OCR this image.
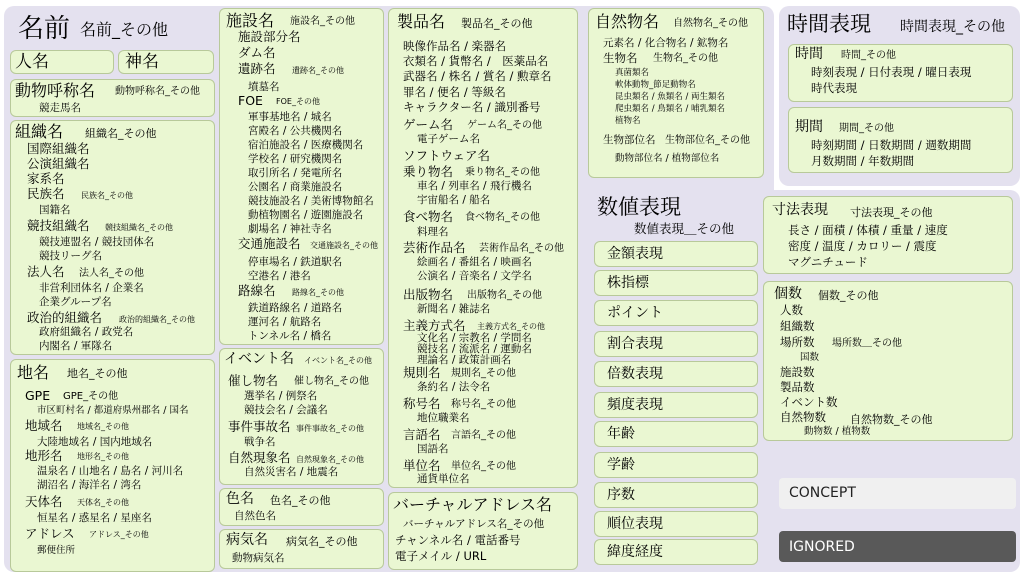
名前 名前_その他
人名	神名
動物呼称名 動物呼称名_その他
競走馬名
組織名 組織名_その他
国際組織名
公演組織名
家系名
民族名 民族名_その他
国籍名
競技組織名 競技組織名_その他
競技連盟名 / 競技団体名
競技リーグ名
法人名 法人名_その他
非営利団体名 / 企業名
企業グループ名
政治的組織名 政治的組織名_その他
政府組織名 / 政党名
内閣名 / 軍隊名
地名 地名_その他
GPE GPE_その他
市区町村名 / 都道府県州郡名 / 国名
地域名 地域名_その他
大陸地域名 / 国内地域名
地形名 地形名_その他
温泉名 / 山地名 / 島名 / 河川名
湖沼名 / 海洋名 / 湾名
天体名 天体名_その他
恒星名 / 惑星名 / 星座名
アドレス アドレス_その他
郵便住所
施設名 施設名_その他
施設部分名
ダム名
遺跡名 遺跡名_その他
墳墓名
FOE FOE_その他
軍事基地名 / 城名
宮殿名 / 公共機関名
宿泊施設名 / 医療機関名
学校名 / 研究機関名
取引所名 / 発電所名
公園名 / 商業施設名
競技施設名 / 美術博物館名
動植物園名 / 遊園施設名
劇場名 / 神社寺名
交通施設名 交通施設名_その他
停車場名 / 鉄道駅名
空港名 / 港名
路線名 路線名_その他
鉄道路線名 / 道路名
運河名 / 航路名
トンネル名 / 橋名
イベント名 イベント名_その他
催し物名 催し物名_その他
選挙名 / 例祭名
競技会名 / 会議名
事件事故名 事件事故名_その他
戦争名
自然現象名 自然現象名_その他
自然災害名 / 地震名
色名 色名_その他
自然色名
病気名 病気名_その他
動物病気名
製品名 製品名_その他
映像作品名 / 楽器名
衣類名 / 貨幣名 /　医薬品名
武器名 / 株名 / 賞名 / 勲章名
罪名 / 便名 / 等級名
キャラクター名 / 識別番号
ゲーム名 ゲーム名_その他
電子ゲーム名
ソフトウェア名
乗り物名 乗り物名_その他
車名 / 列車名 / 飛行機名
宇宙船名 / 船名
食べ物名 食べ物名_その他
料理名
芸術作品名 芸術作品名_その他
絵画名 / 番組名 / 映画名
公演名 / 音楽名 / 文学名
出版物名 出版物名_その他
新聞名 / 雑誌名
主義方式名 主義方式名_その他
文化名 / 宗教名 / 学問名
競技名 / 流派名 / 運動名
理論名 / 政策計画名
規則名 規則名_その他
条約名 / 法令名
称号名 称号名_その他
地位職業名
言語名 言語名_その他
国語名
単位名 単位名_その他
通貨単位名
バーチャルアドレス名
バーチャルアドレス名_その他
チャンネル名 / 電話番号
電子メイル / URL
自然物名 自然物名_その他
元素名 / 化合物名 / 鉱物名
生物名 生物名_その他
真菌類名
軟体動物_節足動物名
昆虫類名 / 魚類名 / 両生類名
爬虫類名 / 鳥類名 / 哺乳類名
植物名
生物部位名 生物部位名_その他
動物部位名 / 植物部位名
時間表現 時間表現_その他
時間 時間_その他
時刻表現 / 日付表現 / 曜日表現
時代表現
期間 期間_その他
時刻期間 / 日数期間 / 週数期間
月数期間 / 年数期間
数値表現
数値表現＿その他
金額表現
株指標
ポイント
割合表現
倍数表現
頻度表現
年齢
学齢
序数
順位表現
緯度経度
寸法表現 寸法表現_その他
長さ / 面積 / 体積 / 重量 / 速度
密度 / 温度 / カロリー / 震度
マグニチュード
個数 個数_その他
人数
組織数
場所数 場所数＿その他
国数
施設数
製品数
イベント数
自然物数 自然物数_その他
動物数 / 植物数
CONCEPT
IGNORED
